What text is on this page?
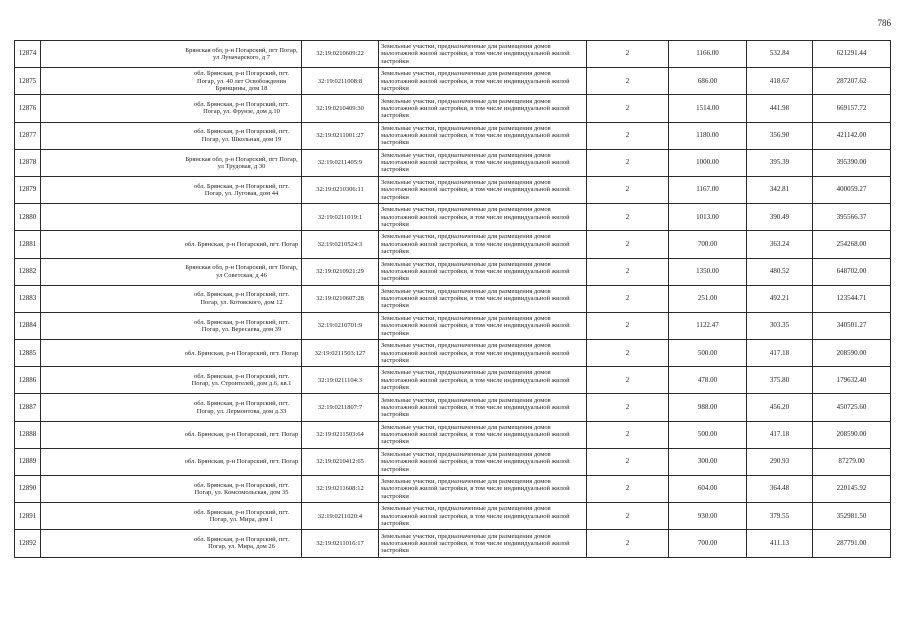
786
12874	Брянская обл, р-н Погарский, пгт Погар, ул Луначарского, д 7	32:19:0210609:22	Земельные участки, предназначенные для размещения домов малоэтажной жилой застройки, в том числе индивидуальной жилой застройки	2	1166.00	532.84	621291.44
12875	обл. Брянская, р-н Погарский, пгт. Погар, ул. 40 лет Освобождения Брянщины, дом 18	32:19:0211008:8	Земельные участки, предназначенные для размещения домов малоэтажной жилой застройки, в том числе индивидуальной жилой застройки	2	686.00	418.67	287207.62
12876	обл. Брянская, р-н Погарский, пгт. Погар, ул. Фрунзе, дом д.10	32:19:0210409:30	Земельные участки, предназначенные для размещения домов малоэтажной жилой застройки, в том числе индивидуальной жилой застройки	2	1514.00	441.98	669157.72
12877	обл. Брянская, р-н Погарский, пгт. Погар, ул. Школьная, дом 19	32:19:0211001:27	Земельные участки, предназначенные для размещения домов малоэтажной жилой застройки, в том числе индивидуальной жилой застройки	2	1180.00	356.90	421142.00
12878	Брянская обл, р-н Погарский, пгт Погар, ул Трудовая, д 30	32:19:0211405:9	Земельные участки, предназначенные для размещения домов малоэтажной жилой застройки, в том числе индивидуальной жилой застройки	2	1000.00	395.39	395390.00
12879	обл. Брянская, р-н Погарский, пгт. Погар, ул. Луговая, дом 44	32:19:0210306:11	Земельные участки, предназначенные для размещения домов малоэтажной жилой застройки, в том числе индивидуальной жилой застройки	2	1167.00	342.81	400059.27
12880		32:19:0211019:1	Земельные участки, предназначенные для размещения домов малоэтажной жилой застройки, в том числе индивидуальной жилой застройки	2	1013.00	390.49	395566.37
12881	обл. Брянская, р-н Погарский, пгт. Погар	32:19:0210524:3	Земельные участки, предназначенные для размещения домов малоэтажной жилой застройки, в том числе индивидуальной жилой застройки	2	700.00	363.24	254268.00
12882	Брянская обл, р-н Погарский, пгт Погар, ул Советская, д 46	32:19:0210921:29	Земельные участки, предназначенные для размещения домов малоэтажной жилой застройки, в том числе индивидуальной жилой застройки	2	1350.00	480.52	648702.00
12883	обл. Брянская, р-н Погарский, пгт. Погар, ул. Котовского, дом 12	32:19:0210607:28	Земельные участки, предназначенные для размещения домов малоэтажной жилой застройки, в том числе индивидуальной жилой застройки	2	251.00	492.21	123544.71
12884	обл. Брянская, р-н Погарский, пгт. Погар, ул. Вересаева, дом 39	32:19:0210701:9	Земельные участки, предназначенные для размещения домов малоэтажной жилой застройки, в том числе индивидуальной жилой застройки	2	1122.47	303.35	340501.27
12885	обл. Брянская, р-н Погарский, пгт. Погар	32:19:0211503:127	Земельные участки, предназначенные для размещения домов малоэтажной жилой застройки, в том числе индивидуальной жилой застройки	2	500.00	417.18	208590.00
12886	обл. Брянская, р-н Погарский, пгт. Погар, ул. Строителей, дом д.6, кв.1	32:19:0211104:3	Земельные участки, предназначенные для размещения домов малоэтажной жилой застройки, в том числе индивидуальной жилой застройки	2	478.00	375.80	179632.40
12887	обл. Брянская, р-н Погарский, пгт. Погар, ул. Лермонтова, дом д.33	32:19:0211807:7	Земельные участки, предназначенные для размещения домов малоэтажной жилой застройки, в том числе индивидуальной жилой застройки	2	988.00	456.20	450725.60
12888	обл. Брянская, р-н Погарский, пгт. Погар	32:19:0211503:64	Земельные участки, предназначенные для размещения домов малоэтажной жилой застройки, в том числе индивидуальной жилой застройки	2	500.00	417.18	208590.00
12889	обл. Брянская, р-н Погарский, пгт. Погар	32:19:0210412:65	Земельные участки, предназначенные для размещения домов малоэтажной жилой застройки, в том числе индивидуальной жилой застройки	2	300.00	290.93	87279.00
12890	обл. Брянская, р-н Погарский, пгт. Погар, ул. Комсомольская, дом 35	32:19:0211608:12	Земельные участки, предназначенные для размещения домов малоэтажной жилой застройки, в том числе индивидуальной жилой застройки	2	604.00	364.48	220145.92
12891	обл. Брянская, р-н Погарский, пгт. Погар, ул. Мира, дом 1	32:19:0211020:4	Земельные участки, предназначенные для размещения домов малоэтажной жилой застройки, в том числе индивидуальной жилой застройки	2	930.00	379.55	352981.50
12892	обл. Брянская, р-н Погарский, пгт. Погар, ул. Мира, дом 26	32:19:0211016:17	Земельные участки, предназначенные для размещения домов малоэтажной жилой застройки, в том числе индивидуальной жилой застройки	2	700.00	411.13	287791.00
